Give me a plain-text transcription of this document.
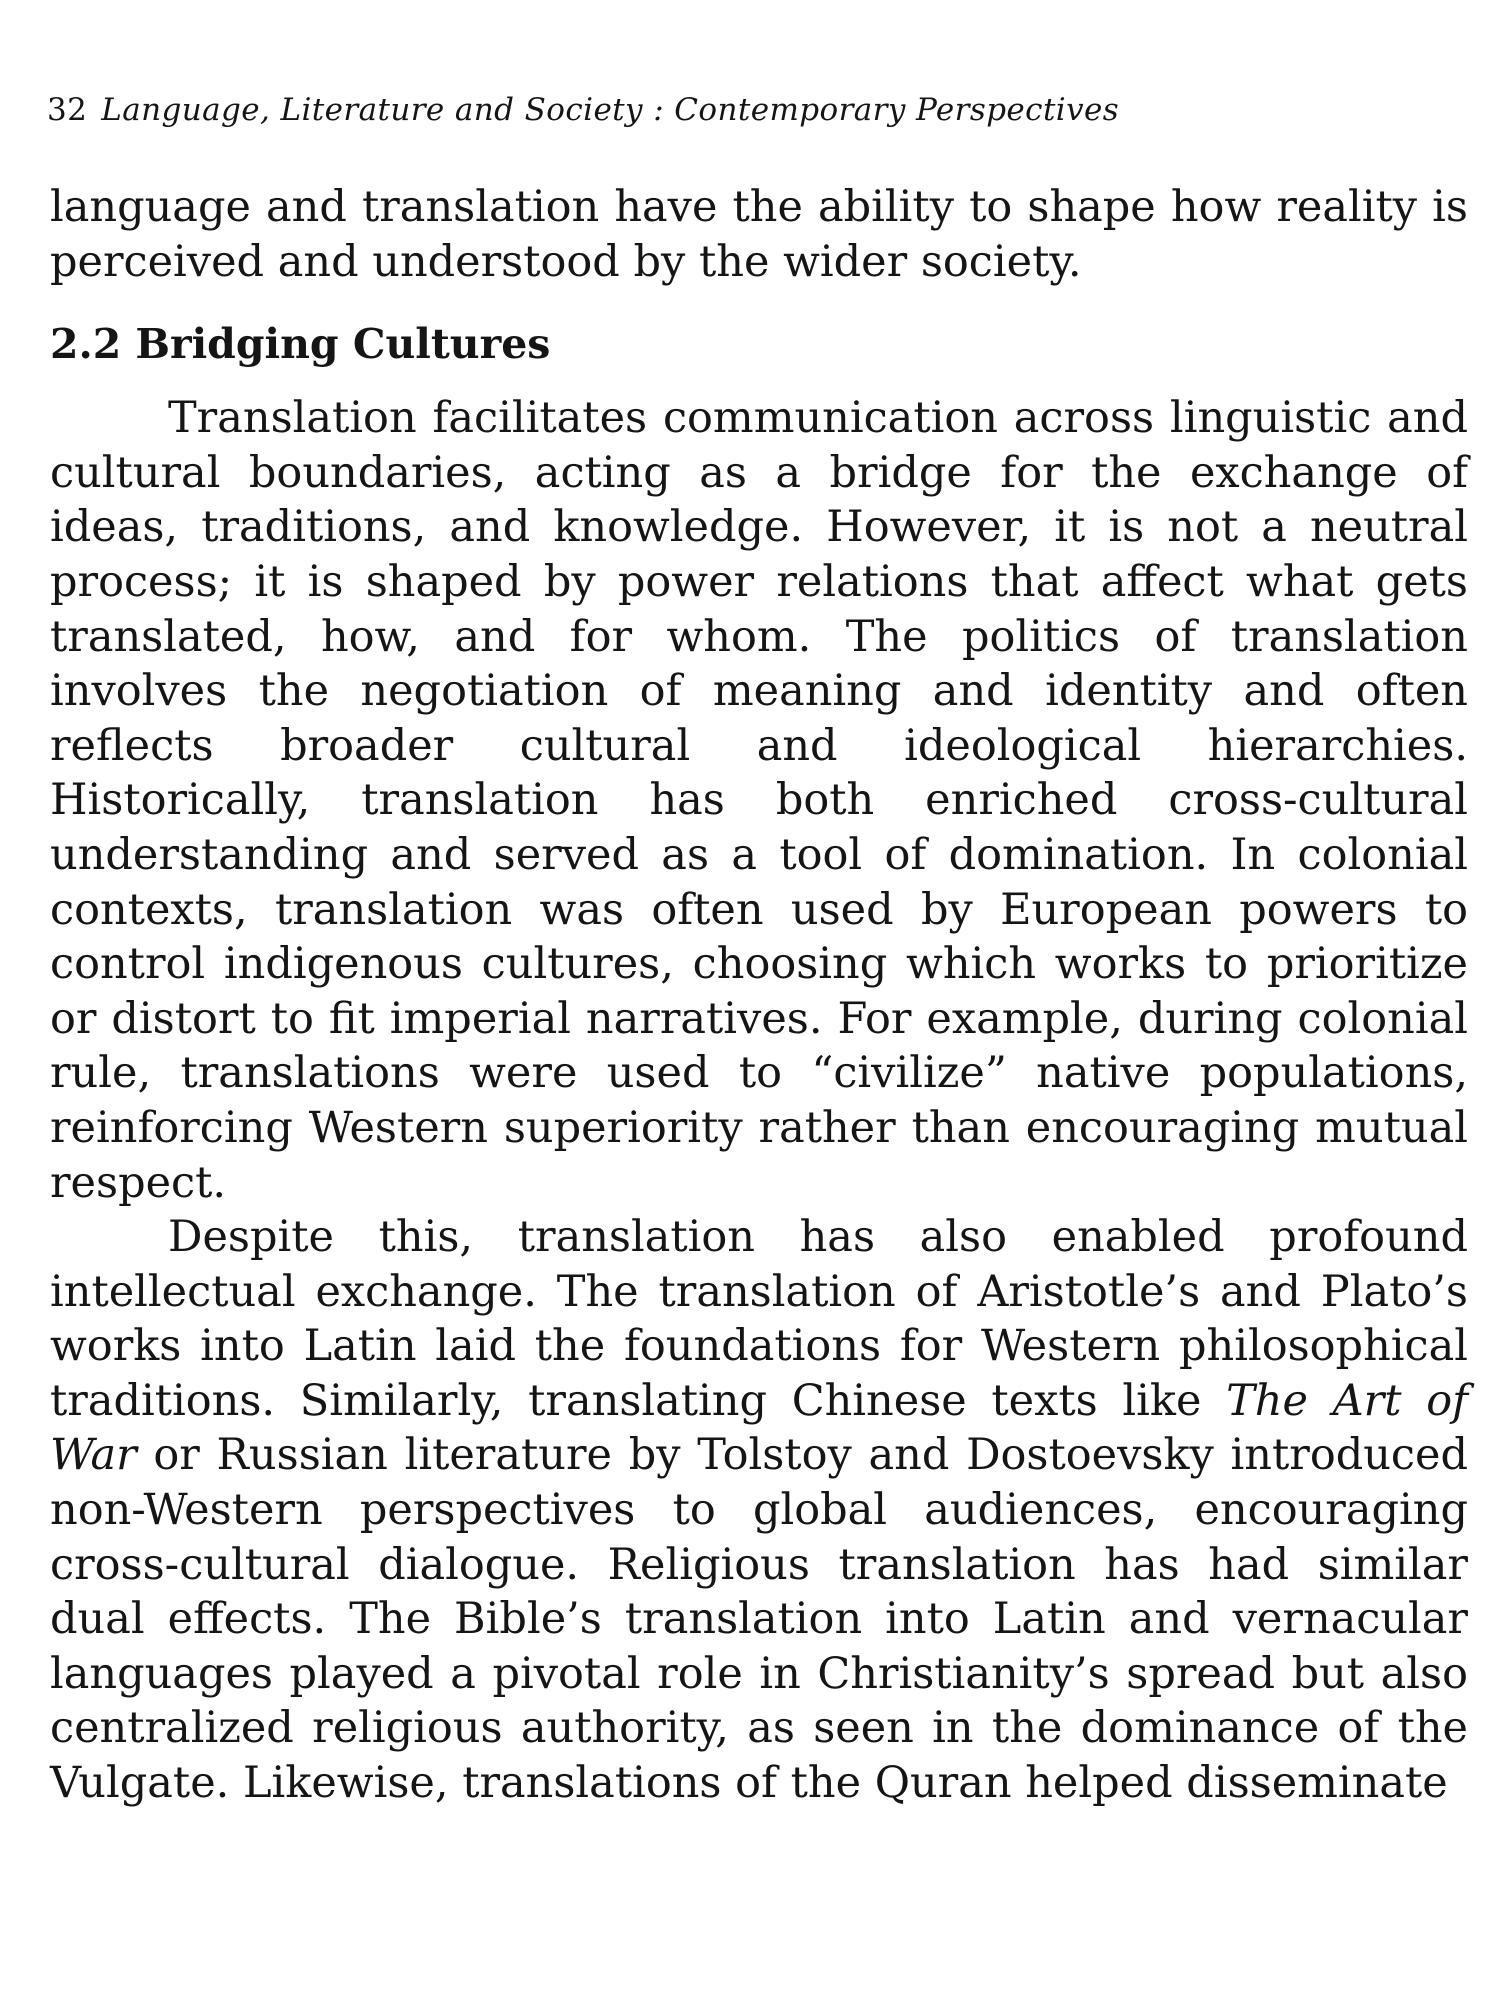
32 Language, Literature and Society : Contemporary Perspectives

language and translation have the ability to shape how reality is perceived and understood by the wider society.

2.2 Bridging Cultures

Translation facilitates communication across linguistic and cultural boundaries, acting as a bridge for the exchange of ideas, traditions, and knowledge. However, it is not a neutral process; it is shaped by power relations that affect what gets translated, how, and for whom. The politics of translation involves the negotiation of meaning and identity and often reflects broader cultural and ideological hierarchies. Historically, translation has both enriched cross-cultural understanding and served as a tool of domination. In colonial contexts, translation was often used by European powers to control indigenous cultures, choosing which works to prioritize or distort to fit imperial narratives. For example, during colonial rule, translations were used to “civilize” native populations, reinforcing Western superiority rather than encouraging mutual respect.

Despite this, translation has also enabled profound intellectual exchange. The translation of Aristotle’s and Plato’s works into Latin laid the foundations for Western philosophical traditions. Similarly, translating Chinese texts like The Art of War or Russian literature by Tolstoy and Dostoevsky introduced non-Western perspectives to global audiences, encouraging cross-cultural dialogue. Religious translation has had similar dual effects. The Bible’s translation into Latin and vernacular languages played a pivotal role in Christianity’s spread but also centralized religious authority, as seen in the dominance of the Vulgate. Likewise, translations of the Quran helped disseminate
